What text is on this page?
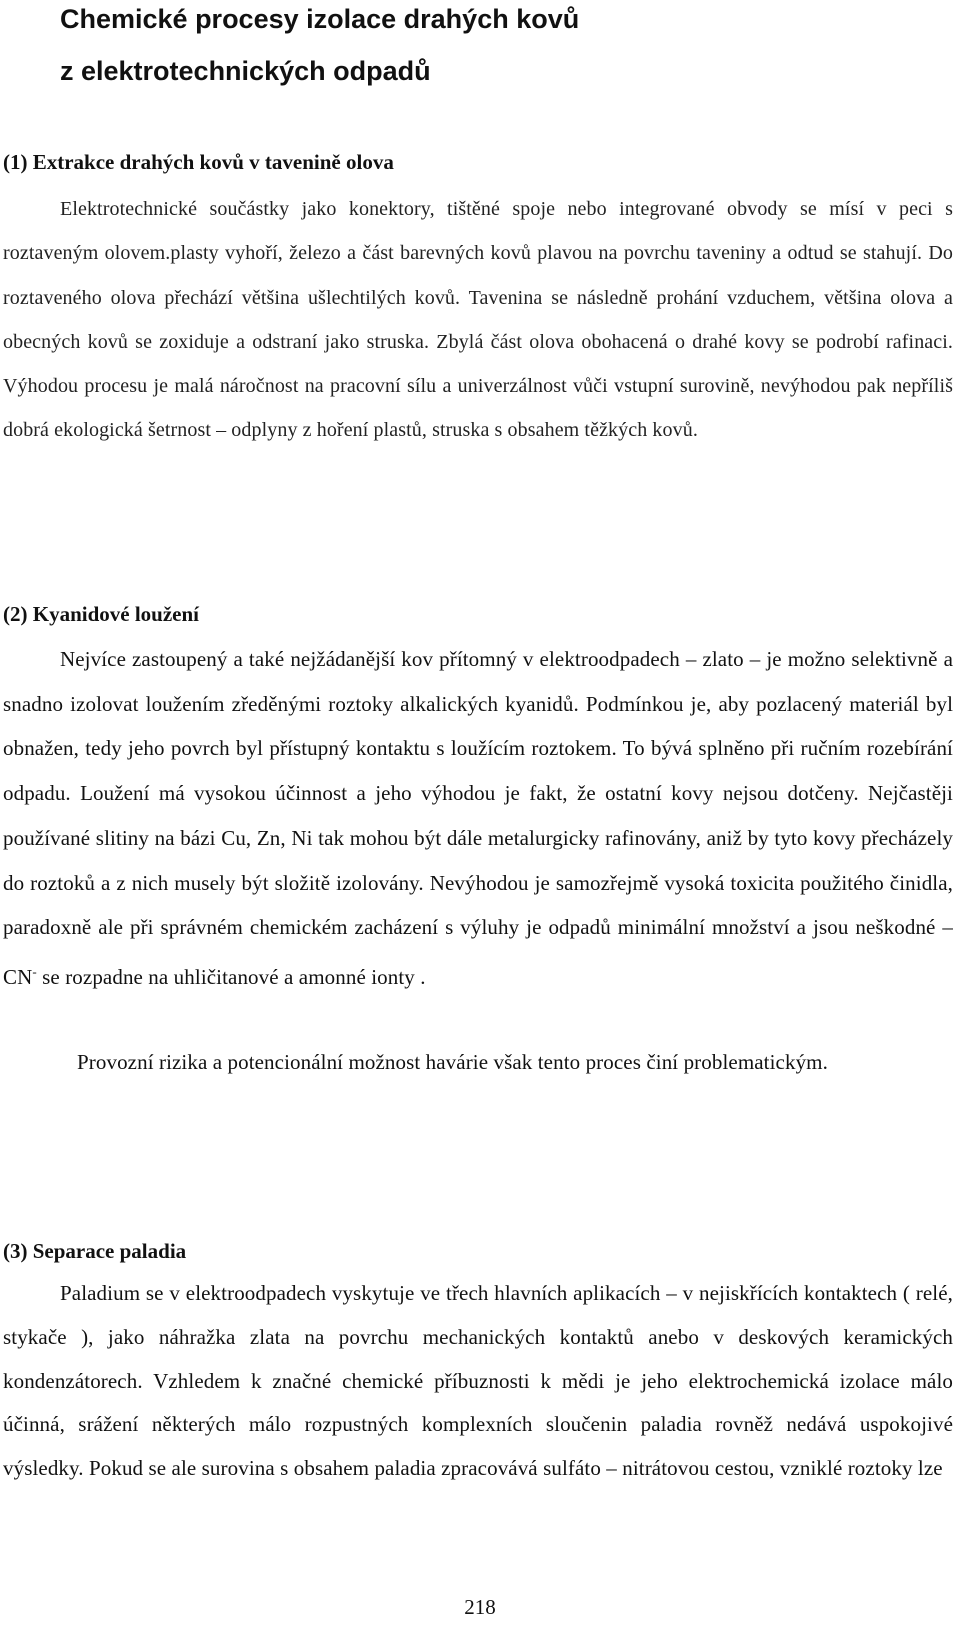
Chemické procesy izolace drahých kovů
z elektrotechnických odpadů
(1) Extrakce drahých kovů v tavenině olova

Elektrotechnické součástky jako konektory, tištěné spoje nebo integrované obvody se mísí v peci s roztaveným olovem.plasty vyhoří, železo a část barevných kovů plavou na povrchu taveniny a odtud se stahují. Do roztaveného olova přechází většina ušlechtilých kovů. Tavenina se následně prohání vzduchem, většina olova a obecných kovů se zoxiduje a odstraní jako struska. Zbylá část olova obohacená o drahé kovy se podrobí rafinaci. Výhodou procesu je malá náročnost na pracovní sílu a univerzálnost vůči vstupní surovině, nevýhodou pak nepříliš dobrá ekologická šetrnost – odplyny z hoření plastů, struska s obsahem těžkých kovů.

(2) Kyanidové loužení

Nejvíce zastoupený a také nejžádanější kov přítomný v elektroodpadech – zlato – je možno selektivně a snadno izolovat loužením zředěnými roztoky alkalických kyanidů. Podmínkou je, aby pozlacený materiál byl obnažen, tedy jeho povrch byl přístupný kontaktu s loužícím roztokem. To bývá splněno při ručním rozebírání odpadu. Loužení má vysokou účinnost a jeho výhodou je fakt, že ostatní kovy nejsou dotčeny. Nejčastěji používané slitiny na bázi Cu, Zn, Ni tak mohou být dále metalurgicky rafinovány, aniž by tyto kovy přecházely do roztoků a z nich musely být složitě izolovány. Nevýhodou je samozřejmě vysoká toxicita použitého činidla, paradoxně ale při správném chemickém zacházení s výluhy je odpadů minimální množství a jsou neškodné – CN- se rozpadne na uhličitanové a amonné ionty .

Provozní rizika a potencionální možnost havárie však tento proces činí problematickým.

(3) Separace paladia

Paladium se v elektroodpadech vyskytuje ve třech hlavních aplikacích – v nejiskřících kontaktech ( relé, stykače ), jako náhražka zlata na povrchu mechanických kontaktů anebo v deskových keramických kondenzátorech. Vzhledem k značné chemické příbuznosti k mědi je jeho elektrochemická izolace málo účinná, srážení některých málo rozpustných komplexních sloučenin paladia rovněž nedává uspokojivé výsledky. Pokud se ale surovina s obsahem paladia zpracovává sulfáto – nitrátovou cestou, vzniklé roztoky lze

218
